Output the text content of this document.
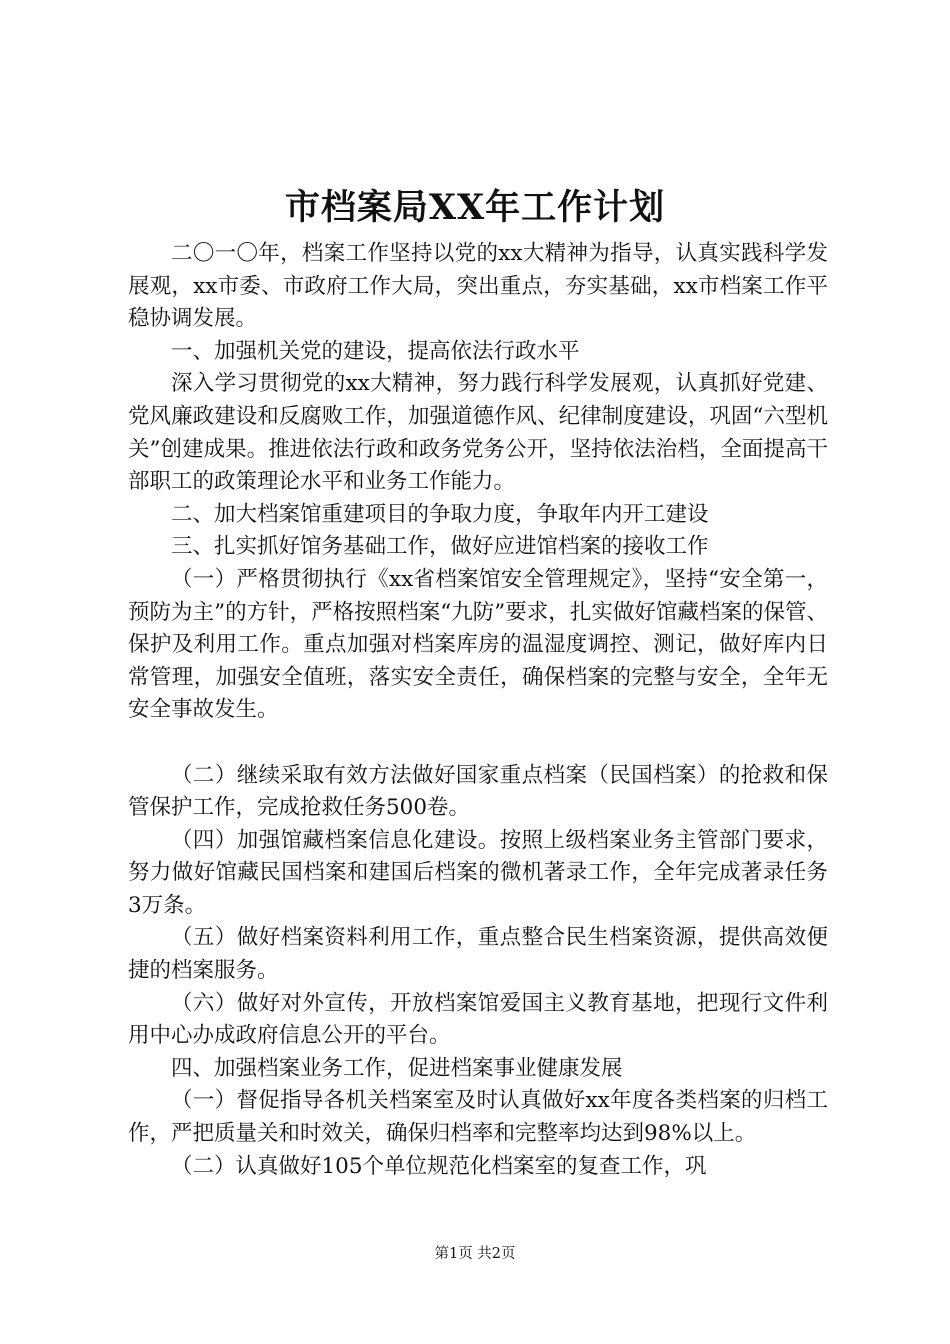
市档案局XX年工作计划

二〇一〇年，档案工作坚持以党的xx大精神为指导，认真实践科学发展观，xx市委、市政府工作大局，突出重点，夯实基础，xx市档案工作平稳协调发展。

一、加强机关党的建设，提高依法行政水平

深入学习贯彻党的xx大精神，努力践行科学发展观，认真抓好党建、党风廉政建设和反腐败工作，加强道德作风、纪律制度建设，巩固“六型机关”创建成果。推进依法行政和政务党务公开，坚持依法治档，全面提高干部职工的政策理论水平和业务工作能力。

二、加大档案馆重建项目的争取力度，争取年内开工建设

三、扎实抓好馆务基础工作，做好应进馆档案的接收工作

（一）严格贯彻执行《xx省档案馆安全管理规定》，坚持“安全第一，预防为主”的方针，严格按照档案“九防”要求，扎实做好馆藏档案的保管、保护及利用工作。重点加强对档案库房的温湿度调控、测记，做好库内日常管理，加强安全值班，落实安全责任，确保档案的完整与安全，全年无安全事故发生。

（二）继续采取有效方法做好国家重点档案（民国档案）的抢救和保管保护工作，完成抢救任务500卷。

（四）加强馆藏档案信息化建设。按照上级档案业务主管部门要求，努力做好馆藏民国档案和建国后档案的微机著录工作，全年完成著录任务3万条。

（五）做好档案资料利用工作，重点整合民生档案资源，提供高效便捷的档案服务。

（六）做好对外宣传，开放档案馆爱国主义教育基地，把现行文件利用中心办成政府信息公开的平台。

四、加强档案业务工作，促进档案事业健康发展

（一）督促指导各机关档案室及时认真做好xx年度各类档案的归档工作，严把质量关和时效关，确保归档率和完整率均达到98%以上。

（二）认真做好105个单位规范化档案室的复查工作，巩

第1页 共2页
